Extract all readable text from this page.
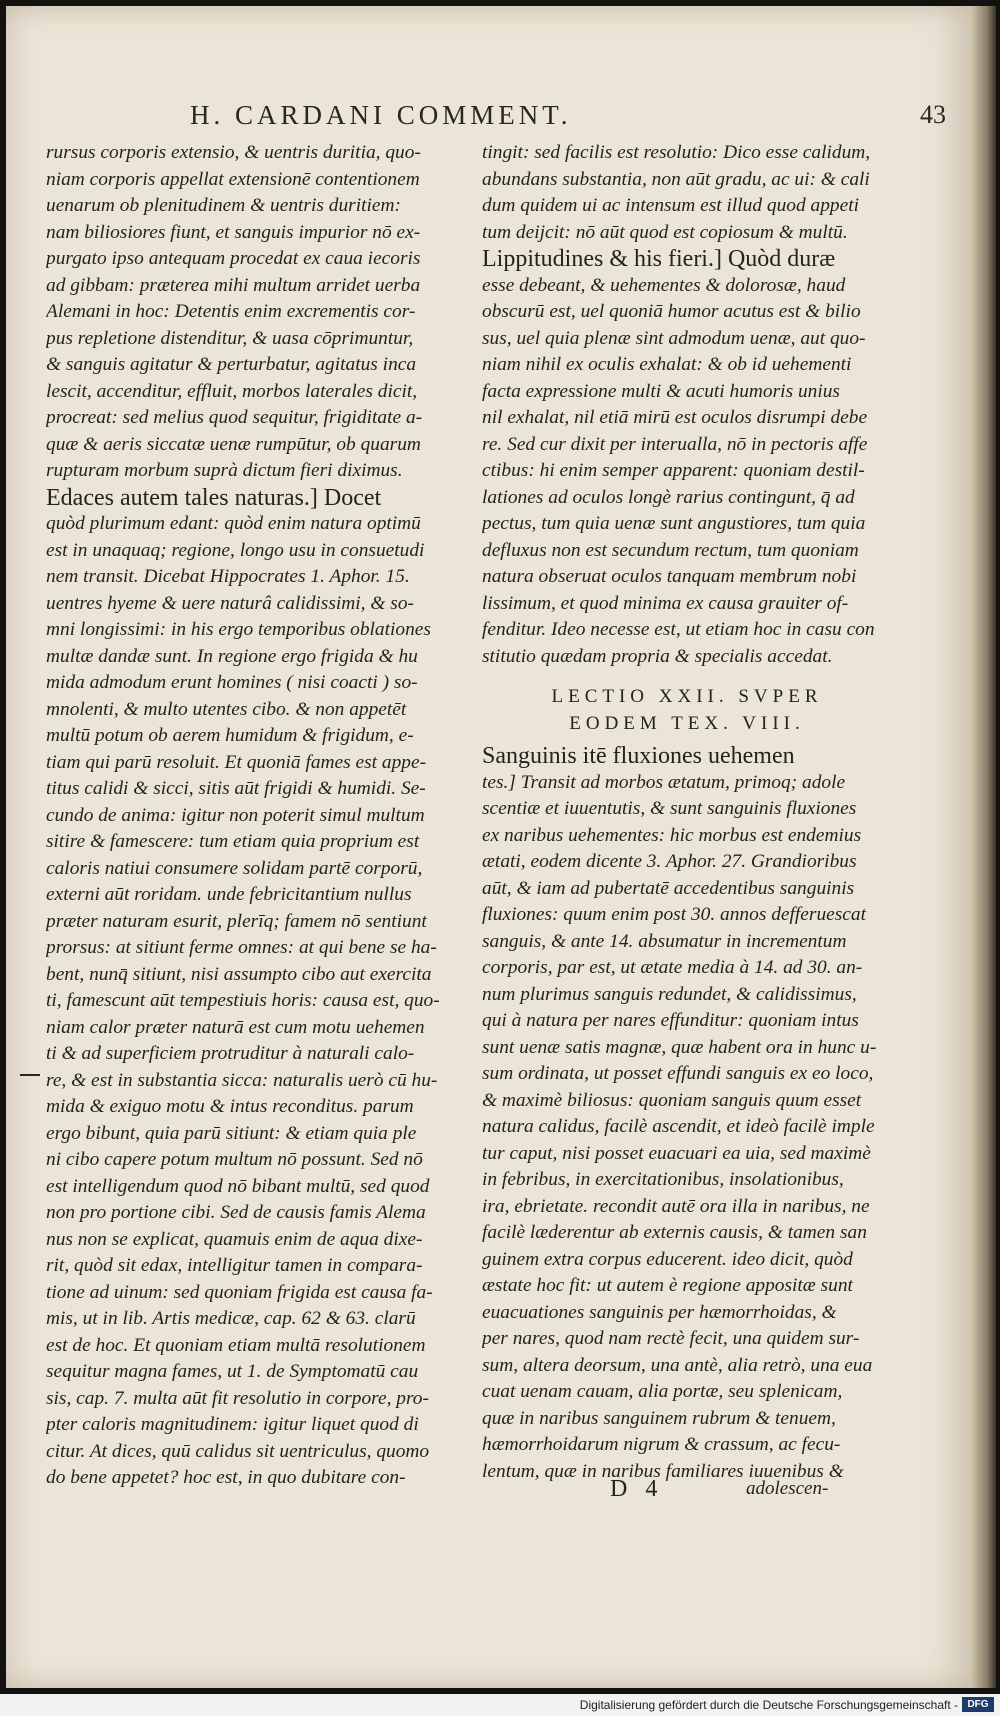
H. CARDANI COMMENT.	43
rursus corporis extensio, & uentris duritia, quo-
niam corporis appellat extensionē contentionem
uenarum ob plenitudinem & uentris duritiem:
nam biliosiores fiunt, et sanguis impurior nō ex-
purgato ipso antequam procedat ex caua iecoris
ad gibbam: præterea mihi multum arridet uerba
Alemani in hoc: Detentis enim excrementis cor-
pus repletione distenditur, & uasa cōprimuntur,
& sanguis agitatur & perturbatur, agitatus inca
lescit, accenditur, effluit, morbos laterales dicit,
procreat: sed melius quod sequitur, frigiditate a-
quæ & aeris siccatæ uenæ rumpūtur, ob quarum
rupturam morbum suprà dictum fieri diximus.
Edaces autem tales naturas.] Docet
quòd plurimum edant: quòd enim natura optimū
est in unaquaq; regione, longo usu in consuetudi
nem transit. Dicebat Hippocrates 1. Aphor. 15.
uentres hyeme & uere naturâ calidissimi, & so-
mni longissimi: in his ergo temporibus oblationes
multæ dandæ sunt. In regione ergo frigida & hu
mida admodum erunt homines ( nisi coacti ) so-
mnolenti, & multo utentes cibo. & non appetēt
multū potum ob aerem humidum & frigidum, e-
tiam qui parū resoluit. Et quoniā fames est appe-
titus calidi & sicci, sitis aūt frigidi & humidi. Se-
cundo de anima: igitur non poterit simul multum
sitire & famescere: tum etiam quia proprium est
caloris natiui consumere solidam partē corporū,
externi aūt roridam. unde febricitantium nullus
præter naturam esurit, plerīq; famem nō sentiunt
prorsus: at sitiunt ferme omnes: at qui bene se ha-
bent, nunq̄ sitiunt, nisi assumpto cibo aut exercita
ti, famescunt aūt tempestiuis horis: causa est, quo-
niam calor præter naturā est cum motu uehemen
ti & ad superficiem protruditur à naturali calo-
re, & est in substantia sicca: naturalis uerò cū hu-
mida & exiguo motu & intus reconditus. parum
ergo bibunt, quia parū sitiunt: & etiam quia ple
ni cibo capere potum multum nō possunt. Sed nō
est intelligendum quod nō bibant multū, sed quod
non pro portione cibi. Sed de causis famis Alema
nus non se explicat, quamuis enim de aqua dixe-
rit, quòd sit edax, intelligitur tamen in compara-
tione ad uinum: sed quoniam frigida est causa fa-
mis, ut in lib. Artis medicæ, cap. 62 & 63. clarū
est de hoc. Et quoniam etiam multā resolutionem
sequitur magna fames, ut 1. de Symptomatū cau
sis, cap. 7. multa aūt fit resolutio in corpore, pro-
pter caloris magnitudinem: igitur liquet quod di
citur. At dices, quū calidus sit uentriculus, quomo
do bene appetet? hoc est, in quo dubitare con-
tingit: sed facilis est resolutio: Dico esse calidum,
abundans substantia, non aūt gradu, ac ui: & cali
dum quidem ui ac intensum est illud quod appeti
tum deijcit: nō aūt quod est copiosum & multū.
Lippitudines & his fieri.] Quòd duræ
esse debeant, & uehementes & dolorosæ, haud
obscurū est, uel quoniā humor acutus est & bilio
sus, uel quia plenæ sint admodum uenæ, aut quo-
niam nihil ex oculis exhalat: & ob id uehementi
facta expressione multi & acuti humoris unius
nil exhalat, nil etiā mirū est oculos disrumpi debe
re. Sed cur dixit per interualla, nō in pectoris affe
ctibus: hi enim semper apparent: quoniam destil-
lationes ad oculos longè rarius contingunt, q̄ ad
pectus, tum quia uenæ sunt angustiores, tum quia
defluxus non est secundum rectum, tum quoniam
natura obseruat oculos tanquam membrum nobi
lissimum, et quod minima ex causa grauiter of-
fenditur. Ideo necesse est, ut etiam hoc in casu con
stitutio quædam propria & specialis accedat.
LECTIO XXII. SVPER
EODEM TEX. VIII.
Sanguinis itē fluxiones uehemen
tes.] Transit ad morbos ætatum, primoq; adole
scentiæ et iuuentutis, & sunt sanguinis fluxiones
ex naribus uehementes: hic morbus est endemius
ætati, eodem dicente 3. Aphor. 27. Grandioribus
aūt, & iam ad pubertatē accedentibus sanguinis
fluxiones: quum enim post 30. annos defferuescat
sanguis, & ante 14. absumatur in incrementum
corporis, par est, ut ætate media à 14. ad 30. an-
num plurimus sanguis redundet, & calidissimus,
qui à natura per nares effunditur: quoniam intus
sunt uenæ satis magnæ, quæ habent ora in hunc u-
sum ordinata, ut posset effundi sanguis ex eo loco,
& maximè biliosus: quoniam sanguis quum esset
natura calidus, facilè ascendit, et ideò facilè imple
tur caput, nisi posset euacuari ea uia, sed maximè
in febribus, in exercitationibus, insolationibus,
ira, ebrietate. recondit autē ora illa in naribus, ne
facilè læderentur ab externis causis, & tamen san
guinem extra corpus educerent. ideo dicit, quòd
æstate hoc fit: ut autem è regione appositæ sunt
euacuationes sanguinis per hæmorrhoidas, &
per nares, quod nam rectè fecit, una quidem sur-
sum, altera deorsum, una antè, alia retrò, una eua
cuat uenam cauam, alia portæ, seu splenicam,
quæ in naribus sanguinem rubrum & tenuem,
hæmorrhoidarum nigrum & crassum, ac fecu-
lentum, quæ in naribus familiares iuuenibus &
D 4	adolescen-
Digitalisierung gefördert durch die Deutsche Forschungsgemeinschaft - DFG
